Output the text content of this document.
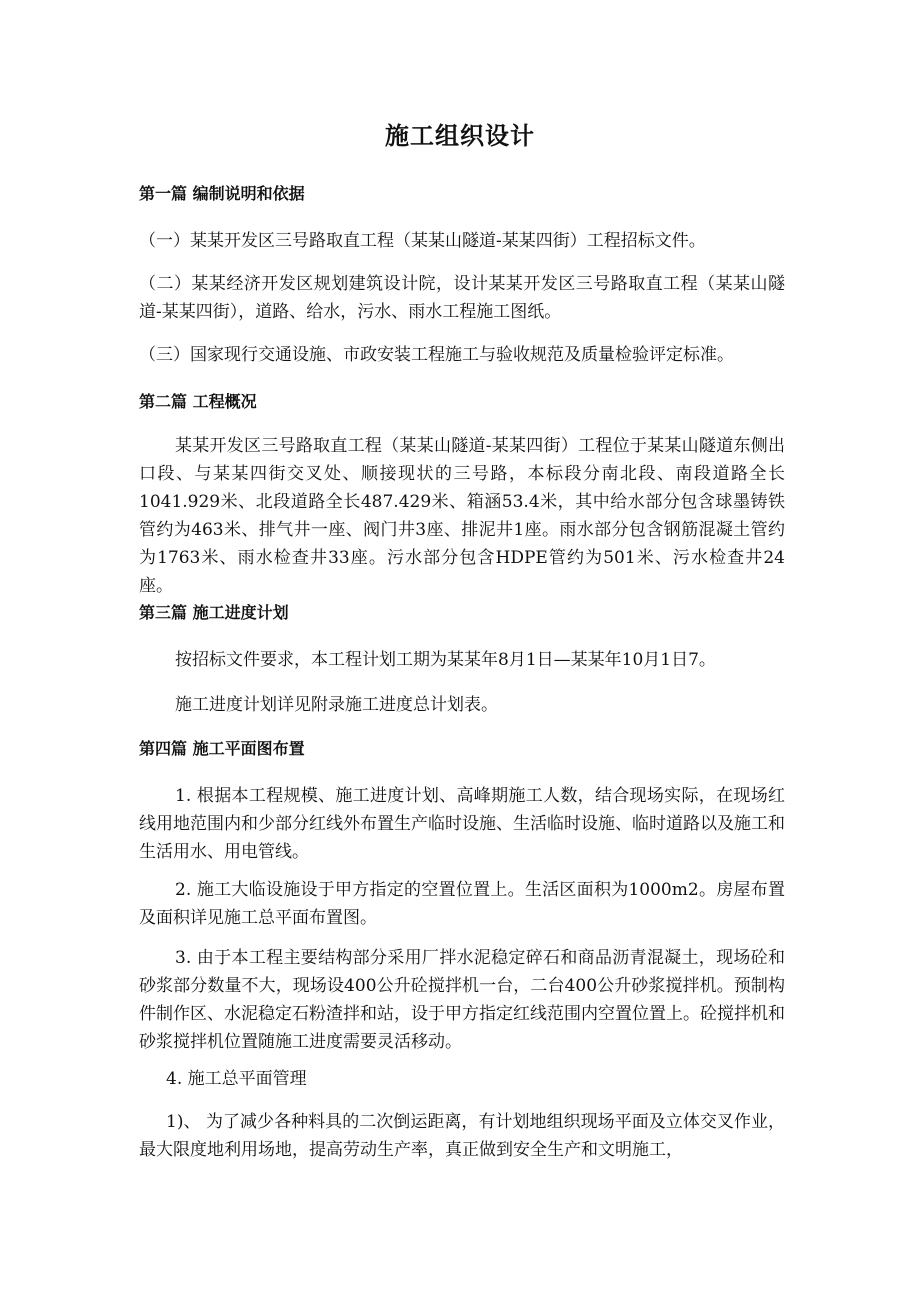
施工组织设计
第一篇 编制说明和依据

（一）某某开发区三号路取直工程（某某山隧道-某某四街）工程招标文件。

（二）某某经济开发区规划建筑设计院，设计某某开发区三号路取直工程（某某山隧道-某某四街），道路、给水，污水、雨水工程施工图纸。

（三）国家现行交通设施、市政安装工程施工与验收规范及质量检验评定标准。

第二篇 工程概况

某某开发区三号路取直工程（某某山隧道-某某四街）工程位于某某山隧道东侧出口段、与某某四街交叉处、顺接现状的三号路，本标段分南北段、南段道路全长1041.929米、北段道路全长487.429米、箱涵53.4米，其中给水部分包含球墨铸铁管约为463米、排气井一座、阀门井3座、排泥井1座。雨水部分包含钢筋混凝土管约为1763米、雨水检查井33座。污水部分包含HDPE管约为501米、污水检查井24座。

第三篇 施工进度计划

按招标文件要求，本工程计划工期为某某年8月1日—某某年10月1日7。

施工进度计划详见附录施工进度总计划表。

第四篇 施工平面图布置

1. 根据本工程规模、施工进度计划、高峰期施工人数，结合现场实际，在现场红线用地范围内和少部分红线外布置生产临时设施、生活临时设施、临时道路以及施工和生活用水、用电管线。

2. 施工大临设施设于甲方指定的空置位置上。生活区面积为1000m2。房屋布置及面积详见施工总平面布置图。

3. 由于本工程主要结构部分采用厂拌水泥稳定碎石和商品沥青混凝土，现场砼和砂浆部分数量不大，现场设400公升砼搅拌机一台，二台400公升砂浆搅拌机。预制构件制作区、水泥稳定石粉渣拌和站，设于甲方指定红线范围内空置位置上。砼搅拌机和砂浆搅拌机位置随施工进度需要灵活移动。

4. 施工总平面管理

1)、 为了减少各种料具的二次倒运距离，有计划地组织现场平面及立体交叉作业，最大限度地利用场地，提高劳动生产率，真正做到安全生产和文明施工，
